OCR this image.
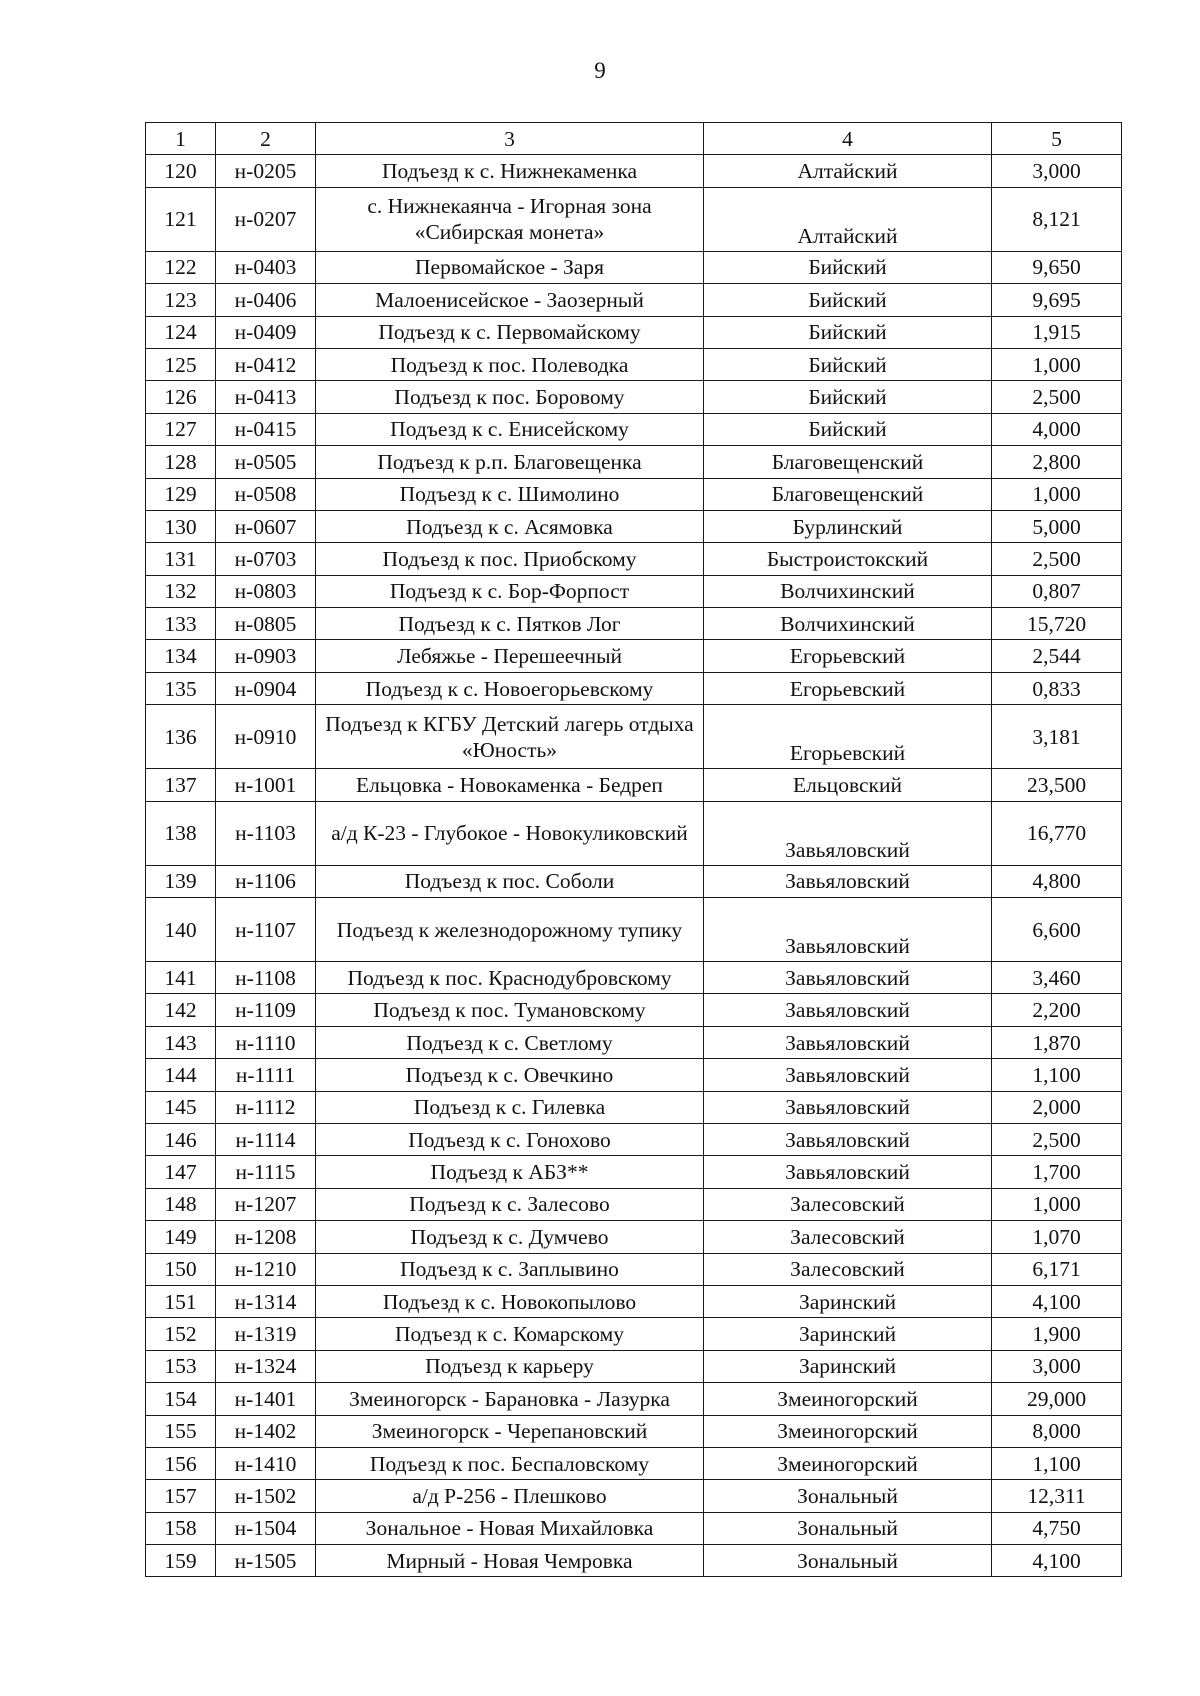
9
1	2	3	4	5
120	н-0205	Подъезд к с. Нижнекаменка	Алтайский	3,000
121	н-0207	с. Нижнекаянча - Игорная зона «Сибирская монета»	Алтайский	8,121
122	н-0403	Первомайское - Заря	Бийский	9,650
123	н-0406	Малоенисейское - Заозерный	Бийский	9,695
124	н-0409	Подъезд к с. Первомайскому	Бийский	1,915
125	н-0412	Подъезд к пос. Полеводка	Бийский	1,000
126	н-0413	Подъезд к пос. Боровому	Бийский	2,500
127	н-0415	Подъезд к с. Енисейскому	Бийский	4,000
128	н-0505	Подъезд к р.п. Благовещенка	Благовещенский	2,800
129	н-0508	Подъезд к с. Шимолино	Благовещенский	1,000
130	н-0607	Подъезд к с. Асямовка	Бурлинский	5,000
131	н-0703	Подъезд к пос. Приобскому	Быстроистокский	2,500
132	н-0803	Подъезд к с. Бор-Форпост	Волчихинский	0,807
133	н-0805	Подъезд к с. Пятков Лог	Волчихинский	15,720
134	н-0903	Лебяжье - Перешеечный	Егорьевский	2,544
135	н-0904	Подъезд к с. Новоегорьевскому	Егорьевский	0,833
136	н-0910	Подъезд к КГБУ Детский лагерь отдыха «Юность»	Егорьевский	3,181
137	н-1001	Ельцовка - Новокаменка - Бедреп	Ельцовский	23,500
138	н-1103	а/д К-23 - Глубокое - Новокуликовский	Завьяловский	16,770
139	н-1106	Подъезд к пос. Соболи	Завьяловский	4,800
140	н-1107	Подъезд к железнодорожному тупику	Завьяловский	6,600
141	н-1108	Подъезд к пос. Краснодубровскому	Завьяловский	3,460
142	н-1109	Подъезд к пос. Тумановскому	Завьяловский	2,200
143	н-1110	Подъезд к с. Светлому	Завьяловский	1,870
144	н-1111	Подъезд к с. Овечкино	Завьяловский	1,100
145	н-1112	Подъезд к с. Гилевка	Завьяловский	2,000
146	н-1114	Подъезд к с. Гонохово	Завьяловский	2,500
147	н-1115	Подъезд к АБЗ**	Завьяловский	1,700
148	н-1207	Подъезд к с. Залесово	Залесовский	1,000
149	н-1208	Подъезд к с. Думчево	Залесовский	1,070
150	н-1210	Подъезд к с. Заплывино	Залесовский	6,171
151	н-1314	Подъезд к с. Новокопылово	Заринский	4,100
152	н-1319	Подъезд к с. Комарскому	Заринский	1,900
153	н-1324	Подъезд к карьеру	Заринский	3,000
154	н-1401	Змеиногорск - Барановка - Лазурка	Змеиногорский	29,000
155	н-1402	Змеиногорск - Черепановский	Змеиногорский	8,000
156	н-1410	Подъезд к пос. Беспаловскому	Змеиногорский	1,100
157	н-1502	а/д Р-256 - Плешково	Зональный	12,311
158	н-1504	Зональное - Новая Михайловка	Зональный	4,750
159	н-1505	Мирный - Новая Чемровка	Зональный	4,100
